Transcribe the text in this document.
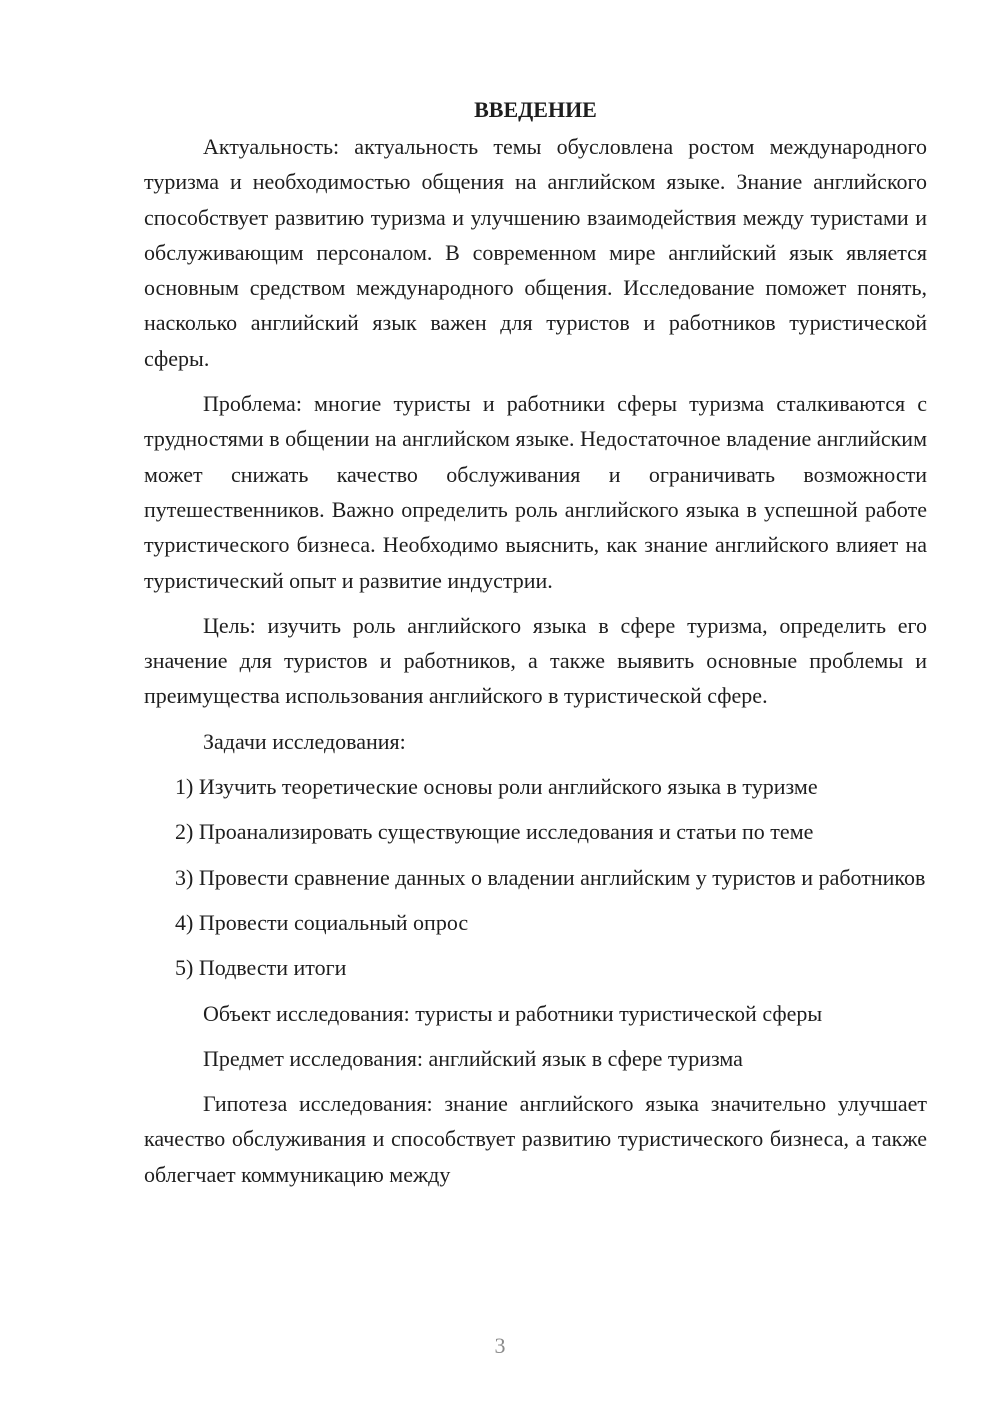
ВВЕДЕНИЕ

Актуальность: актуальность темы обусловлена ростом международного туризма и необходимостью общения на английском языке. Знание английского способствует развитию туризма и улучшению взаимодействия между туристами и обслуживающим персоналом. В современном мире английский язык является основным средством международного общения. Исследование поможет понять, насколько английский язык важен для туристов и работников туристической сферы.

Проблема: многие туристы и работники сферы туризма сталкиваются с трудностями в общении на английском языке. Недостаточное владение английским может снижать качество обслуживания и ограничивать возможности путешественников. Важно определить роль английского языка в успешной работе туристического бизнеса. Необходимо выяснить, как знание английского влияет на туристический опыт и развитие индустрии.

Цель: изучить роль английского языка в сфере туризма, определить его значение для туристов и работников, а также выявить основные проблемы и преимущества использования английского в туристической сфере.

Задачи исследования:

1) Изучить теоретические основы роли английского языка в туризме

2) Проанализировать существующие исследования и статьи по теме

3) Провести сравнение данных о владении английским у туристов и работников

4) Провести социальный опрос

5) Подвести итоги

Объект исследования: туристы и работники туристической сферы

Предмет исследования: английский язык в сфере туризма

Гипотеза исследования: знание английского языка значительно улучшает качество обслуживания и способствует развитию туристического бизнеса, а также облегчает коммуникацию между

3
